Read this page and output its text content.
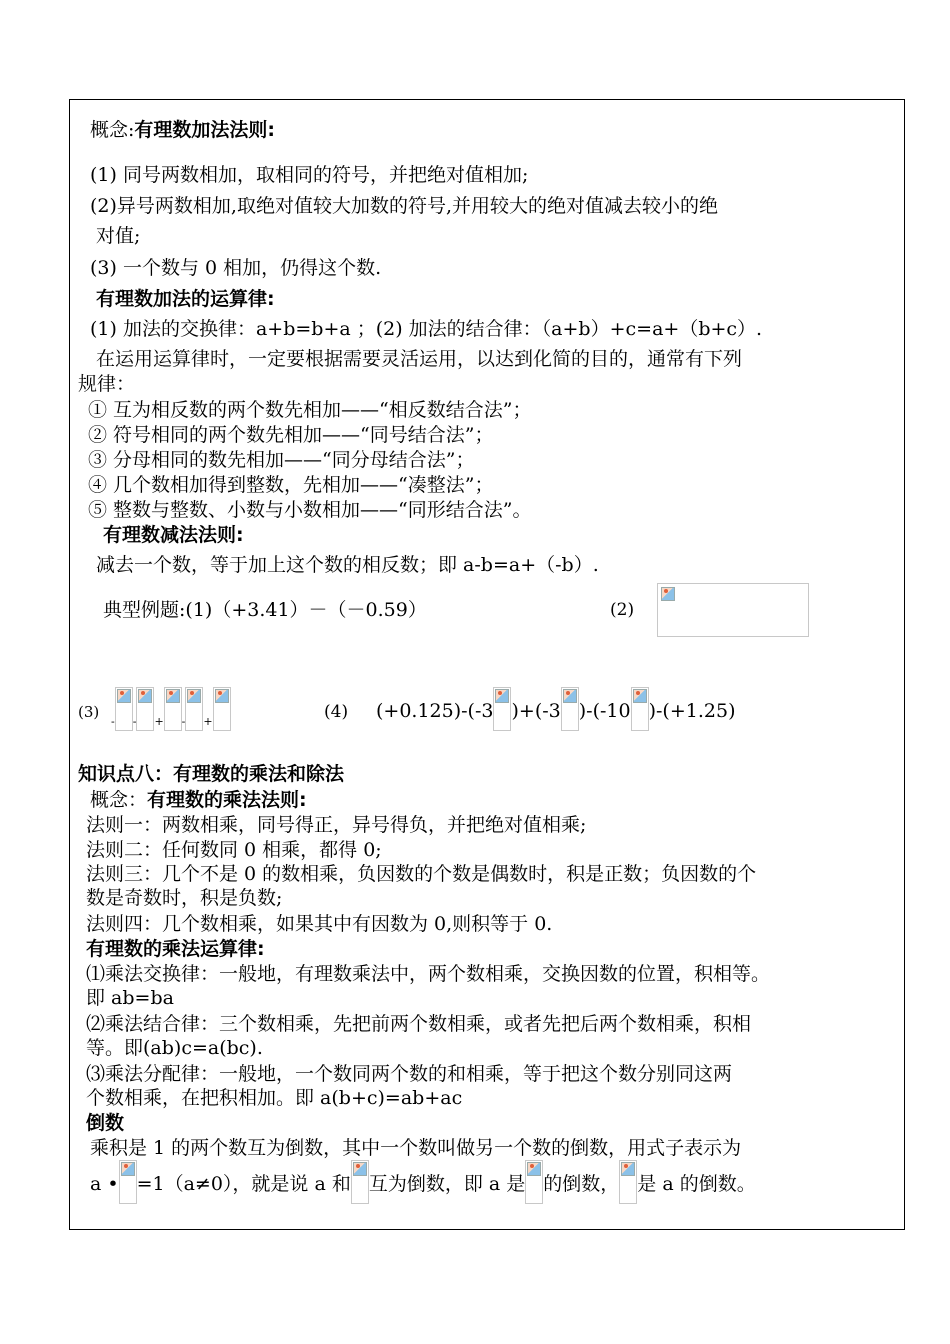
概念:有理数加法法则:
(1) 同号两数相加，取相同的符号，并把绝对值相加;
(2)异号两数相加,取绝对值较大加数的符号,并用较大的绝对值减去较小的绝
对值;
(3) 一个数与 0 相加，仍得这个数.
有理数加法的运算律:
(1) 加法的交换律：a+b=b+a ；(2) 加法的结合律：（a+b）+c=a+（b+c）.
在运用运算律时，一定要根据需要灵活运用，以达到化简的目的，通常有下列
规律：
① 互为相反数的两个数先相加——“相反数结合法”；
② 符号相同的两个数先相加——“同号结合法”；
③ 分母相同的数先相加——“同分母结合法”；
④ 几个数相加得到整数，先相加——“凑整法”；
⑤ 整数与整数、小数与小数相加——“同形结合法”。
有理数减法法则:
减去一个数，等于加上这个数的相反数；即 a-b=a+（-b）.
典型例题:(1)（+3.41）－（－0.59）	(2)
(3)
$_-$ $_-$ $_+$ $_-$ $_+$	(4) (+0.125)-(-3 )+(-3 )-(-10 )-(+1.25)
知识点八：有理数的乘法和除法
概念：有理数的乘法法则:
法则一：两数相乘，同号得正，异号得负，并把绝对值相乘;
法则二：任何数同 0 相乘，都得 0;
法则三：几个不是 0 的数相乘，负因数的个数是偶数时，积是正数；负因数的个
数是奇数时，积是负数;
法则四：几个数相乘，如果其中有因数为 0,则积等于 0.
有理数的乘法运算律:
⑴乘法交换律：一般地，有理数乘法中，两个数相乘，交换因数的位置，积相等。
即 ab=ba
⑵乘法结合律：三个数相乘，先把前两个数相乘，或者先把后两个数相乘，积相
等。即(ab)c=a(bc).
⑶乘法分配律：一般地，一个数同两个数的和相乘，等于把这个数分别同这两
个数相乘，在把积相加。即 a(b+c)=ab+ac
倒数
乘积是 1 的两个数互为倒数，其中一个数叫做另一个数的倒数，用式子表示为
a • =1（a≠0），就是说 a 和 互为倒数，即 a 是 的倒数， 是 a 的倒数。
